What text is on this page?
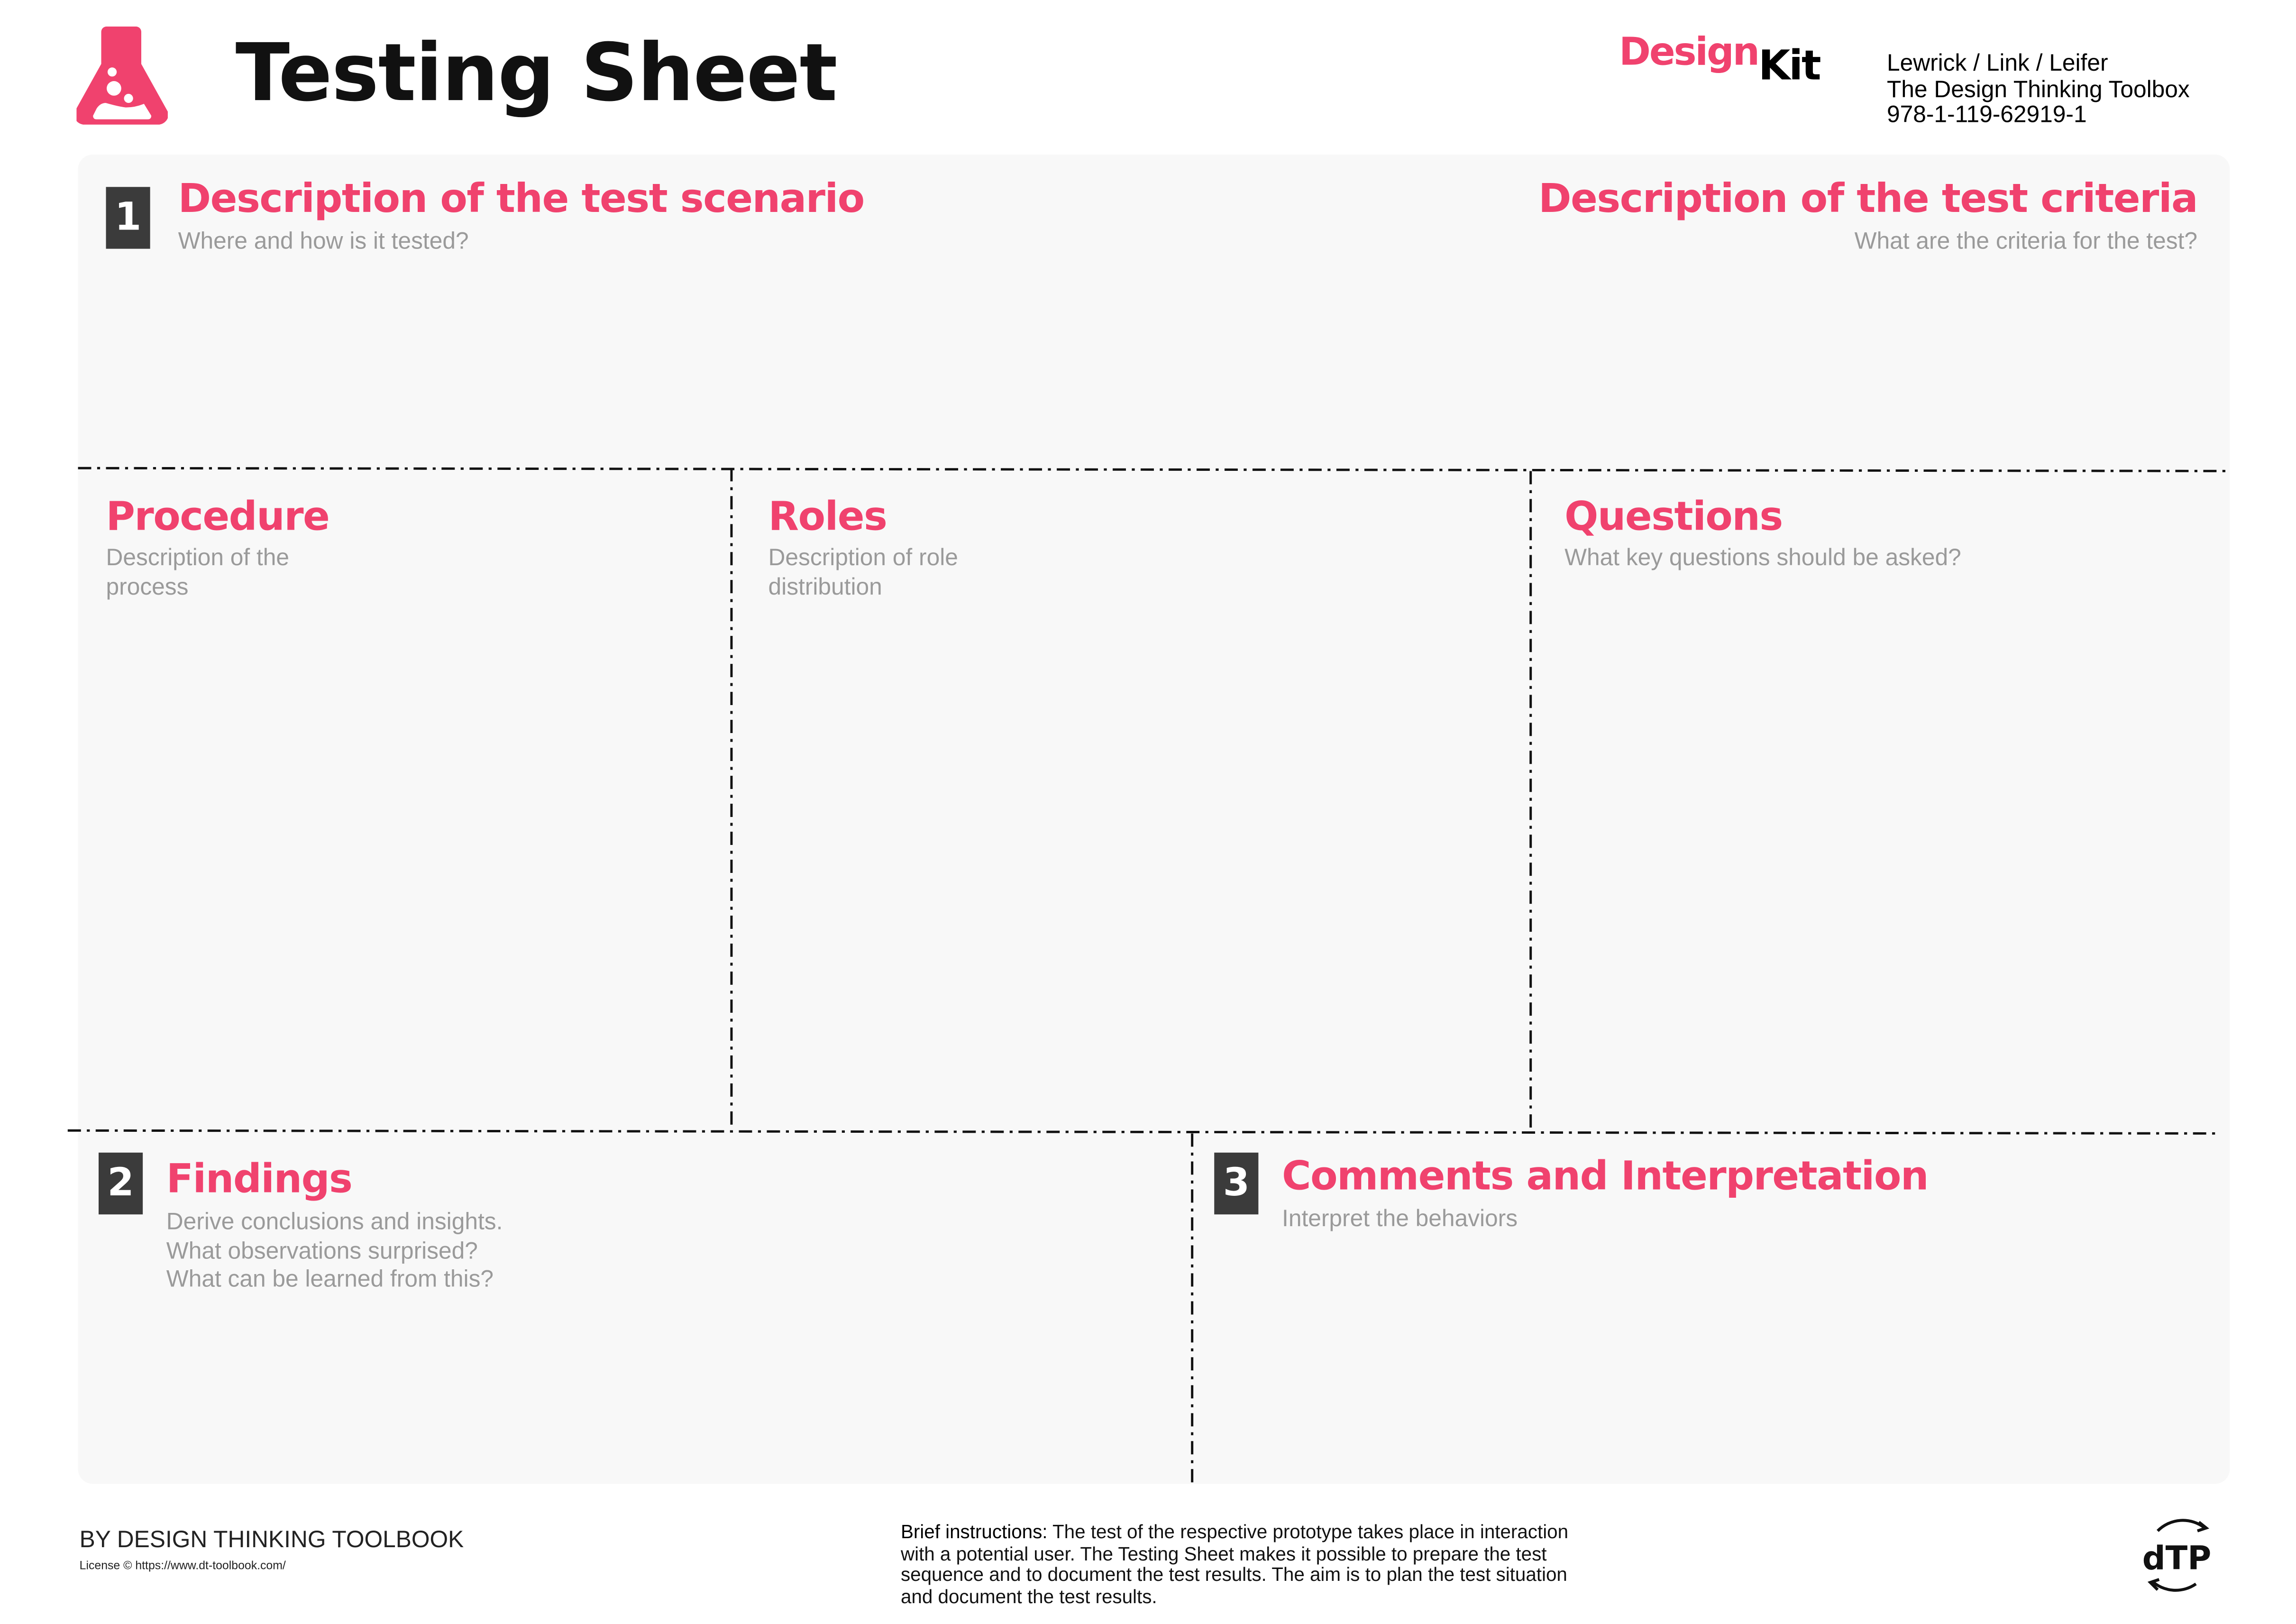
Testing Sheet	DesignKit	Lewrick / Link / Leifer
The Design Thinking Toolbox
978-1-119-62919-1
1	Description of the test scenario
Where and how is it tested?
Description of the test criteria
What are the criteria for the test?
Procedure
Description of the
process
Roles
Description of role
distribution
Questions
What key questions should be asked?
2	Findings
Derive conclusions and insights.
What observations surprised?
What can be learned from this?
3	Comments and Interpretation
Interpret the behaviors
BY DESIGN THINKING TOOLBOOK
License © https://www.dt-toolbook.com/
Brief instructions: The test of the respective prototype takes place in interaction with a potential user. The Testing Sheet makes it possible to prepare the test sequence and to document the test results. The aim is to plan the test situation and document the test results.
dTP
